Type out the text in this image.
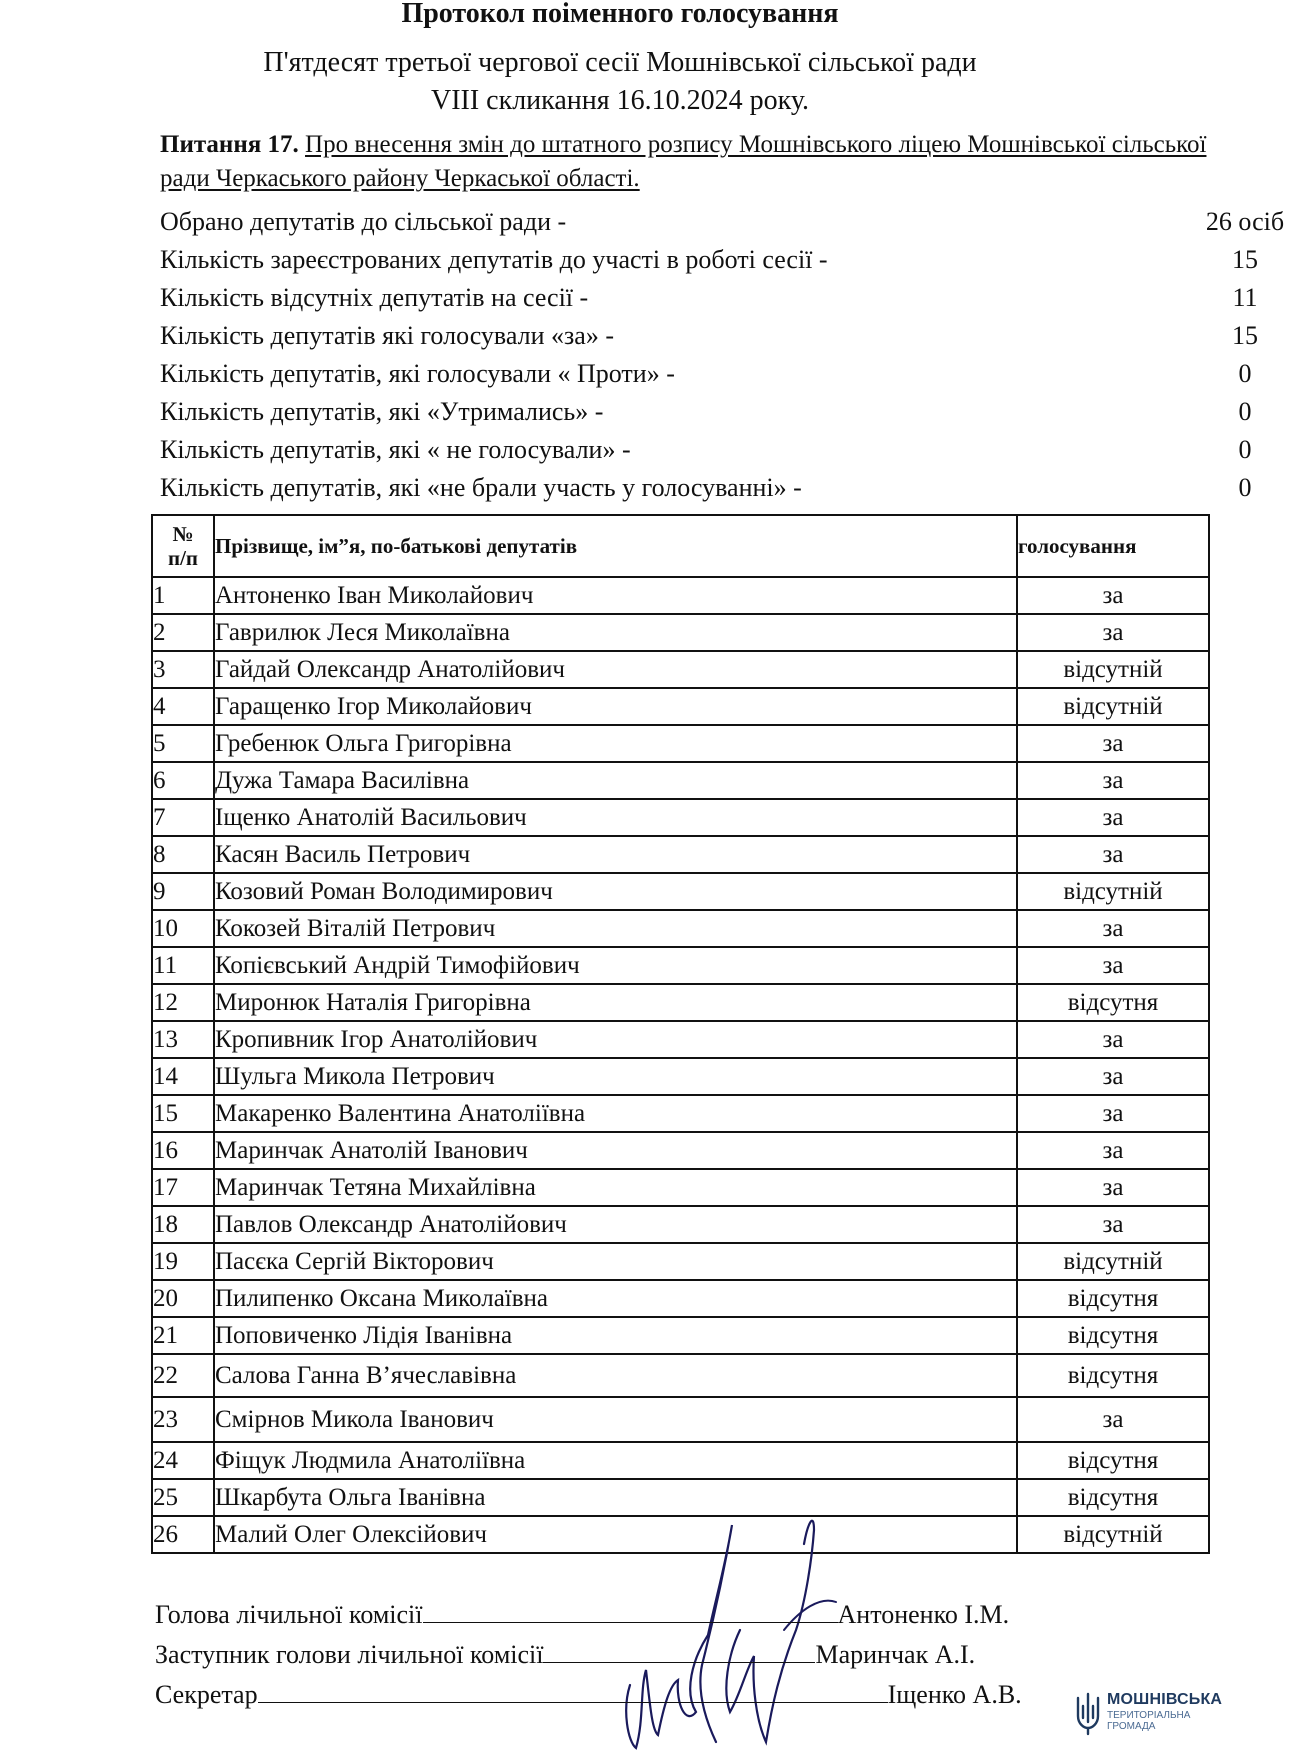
Протокол поіменного голосування
П'ятдесят третьої чергової сесії Мошнівської сільської ради
VIII скликання 16.10.2024 року.
Питання 17. Про внесення змін до штатного розпису Мошнівського ліцею Мошнівської сільської ради Черкаського району Черкаської області.
Обрано депутатів до сільської ради -	26 осіб
Кількість зареєстрованих депутатів до участі в роботі сесії -	15
Кількість відсутніх депутатів на сесії -	11
Кількість депутатів які голосували «за» -	15
Кількість депутатів, які голосували « Проти» -	0
Кількість депутатів, які «Утримались» -	0
Кількість депутатів, які « не голосували» -	0
Кількість депутатів, які «не брали участь у голосуванні» -	0
№
п/п	Прізвище, ім”я, по-батькові депутатів	голосування
1	Антоненко Іван Миколайович	за
2	Гаврилюк Леся Миколаївна	за
3	Гайдай Олександр Анатолійович	відсутній
4	Гаращенко Ігор Миколайович	відсутній
5	Гребенюк Ольга Григорівна	за
6	Дужа Тамара Василівна	за
7	Іщенко Анатолій Васильович	за
8	Касян Василь Петрович	за
9	Козовий Роман Володимирович	відсутній
10	Кокозей Віталій Петрович	за
11	Копієвський Андрій Тимофійович	за
12	Миронюк Наталія Григорівна	відсутня
13	Кропивник Ігор Анатолійович	за
14	Шульга Микола Петрович	за
15	Макаренко Валентина Анатоліївна	за
16	Маринчак Анатолій Іванович	за
17	Маринчак Тетяна Михайлівна	за
18	Павлов Олександр Анатолійович	за
19	Пасєка Сергій Вікторович	відсутній
20	Пилипенко Оксана Миколаївна	відсутня
21	Поповиченко Лідія Іванівна	відсутня
22	Салова Ганна В’ячеславівна	відсутня
23	Смірнов Микола Іванович	за
24	Фіщук Людмила Анатоліївна	відсутня
25	Шкарбута Ольга Іванівна	відсутня
26	Малий Олег Олексійович	відсутній
Голова лічильної комісії	Антоненко І.М.
Заступник голови лічильної комісії	Маринчак А.І.
Секретар	Іщенко А.В.	МОШНІВСЬКА
ТЕРИТОРІАЛЬНА ГРОМАДА
